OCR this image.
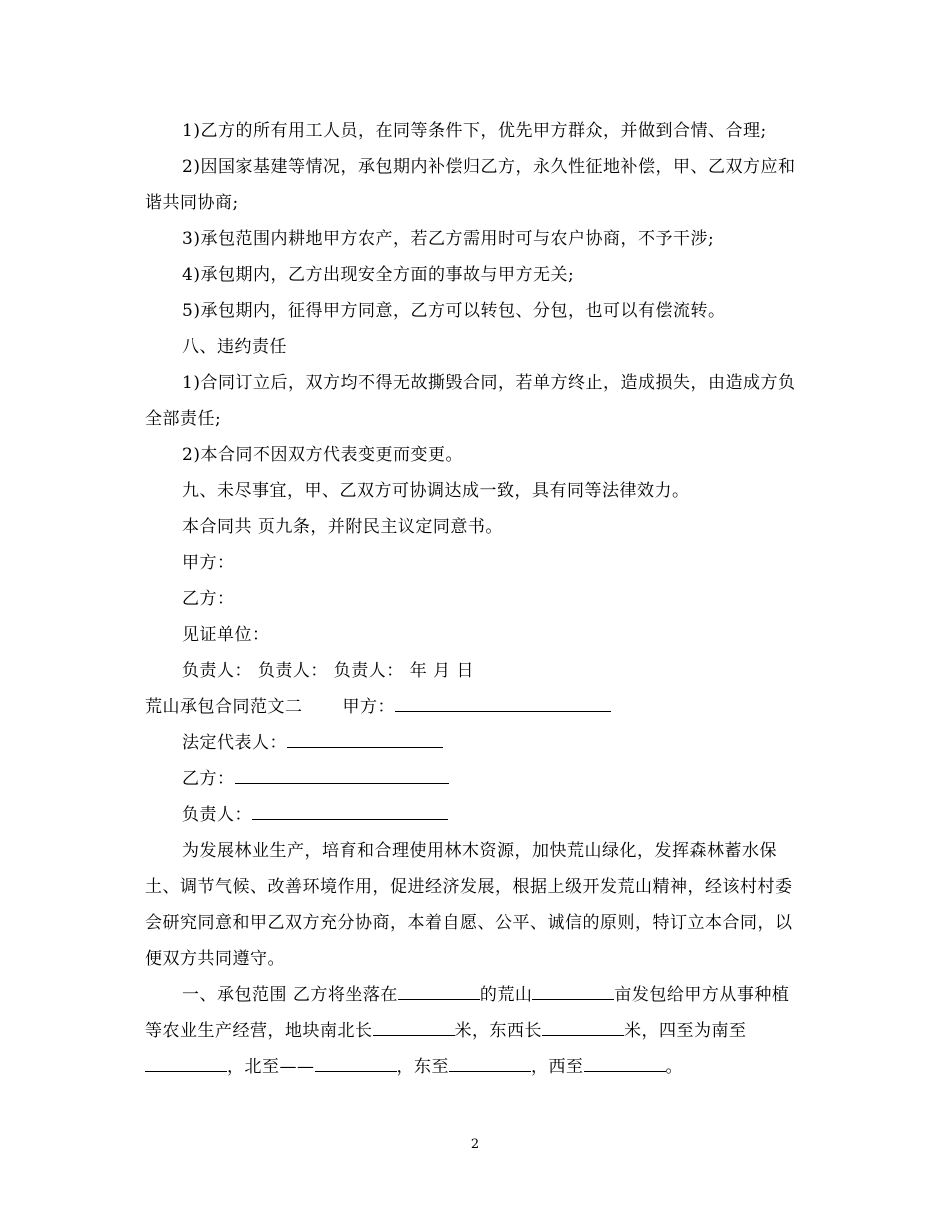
1)乙方的所有用工人员，在同等条件下，优先甲方群众，并做到合情、合理;

2)因国家基建等情况，承包期内补偿归乙方，永久性征地补偿，甲、乙双方应和谐共同协商;

3)承包范围内耕地甲方农产，若乙方需用时可与农户协商，不予干涉;

4)承包期内，乙方出现安全方面的事故与甲方无关;

5)承包期内，征得甲方同意，乙方可以转包、分包，也可以有偿流转。

八、违约责任

1)合同订立后，双方均不得无故撕毁合同，若单方终止，造成损失，由造成方负全部责任;

2)本合同不因双方代表变更而变更。

九、未尽事宜，甲、乙双方可协调达成一致，具有同等法律效力。

本合同共 页九条，并附民主议定同意书。

甲方：

乙方：

见证单位：

负责人： 负责人： 负责人： 年 月 日

荒山承包合同范文二 甲方：

法定代表人：

乙方：

负责人：

为发展林业生产，培育和合理使用林木资源，加快荒山绿化，发挥森林蓄水保土、调节气候、改善环境作用，促进经济发展，根据上级开发荒山精神，经该村村委会研究同意和甲乙双方充分协商，本着自愿、公平、诚信的原则，特订立本合同，以便双方共同遵守。

一、承包范围 乙方将坐落在	的荒山	亩发包给甲方从事种植等农业生产经营，地块南北长	米，东西长	米，四至为南至，北至——	，东至	，西至	。

2
